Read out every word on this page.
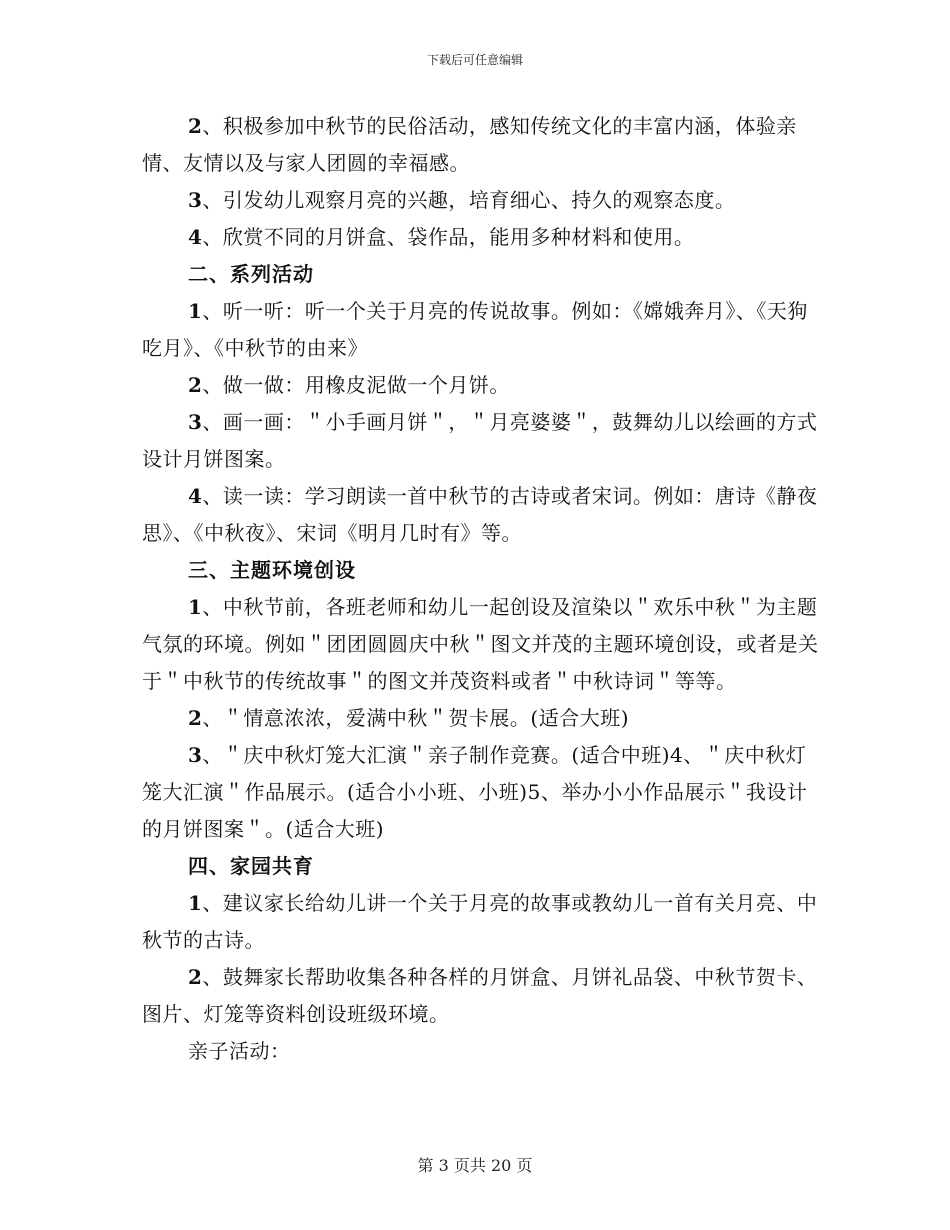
下载后可任意编辑

2、积极参加中秋节的民俗活动，感知传统文化的丰富内涵，体验亲情、友情以及与家人团圆的幸福感。

3、引发幼儿观察月亮的兴趣，培育细心、持久的观察态度。

4、欣赏不同的月饼盒、袋作品，能用多种材料和使用。

二、系列活动

1、听一听：听一个关于月亮的传说故事。例如：《嫦娥奔月》、《天狗吃月》、《中秋节的由来》

2、做一做：用橡皮泥做一个月饼。

3、画一画：＂小手画月饼＂，＂月亮婆婆＂，鼓舞幼儿以绘画的方式设计月饼图案。

4、读一读：学习朗读一首中秋节的古诗或者宋词。例如：唐诗《静夜思》、《中秋夜》、宋词《明月几时有》等。

三、主题环境创设

1、中秋节前，各班老师和幼儿一起创设及渲染以＂欢乐中秋＂为主题气氛的环境。例如＂团团圆圆庆中秋＂图文并茂的主题环境创设，或者是关于＂中秋节的传统故事＂的图文并茂资料或者＂中秋诗词＂等等。

2、＂情意浓浓，爱满中秋＂贺卡展。(适合大班)

3、＂庆中秋灯笼大汇演＂亲子制作竞赛。(适合中班)4、＂庆中秋灯笼大汇演＂作品展示。(适合小小班、小班)5、举办小小作品展示＂我设计的月饼图案＂。(适合大班)

四、家园共育

1、建议家长给幼儿讲一个关于月亮的故事或教幼儿一首有关月亮、中秋节的古诗。

2、鼓舞家长帮助收集各种各样的月饼盒、月饼礼品袋、中秋节贺卡、图片、灯笼等资料创设班级环境。

亲子活动：

第 3 页共 20 页
